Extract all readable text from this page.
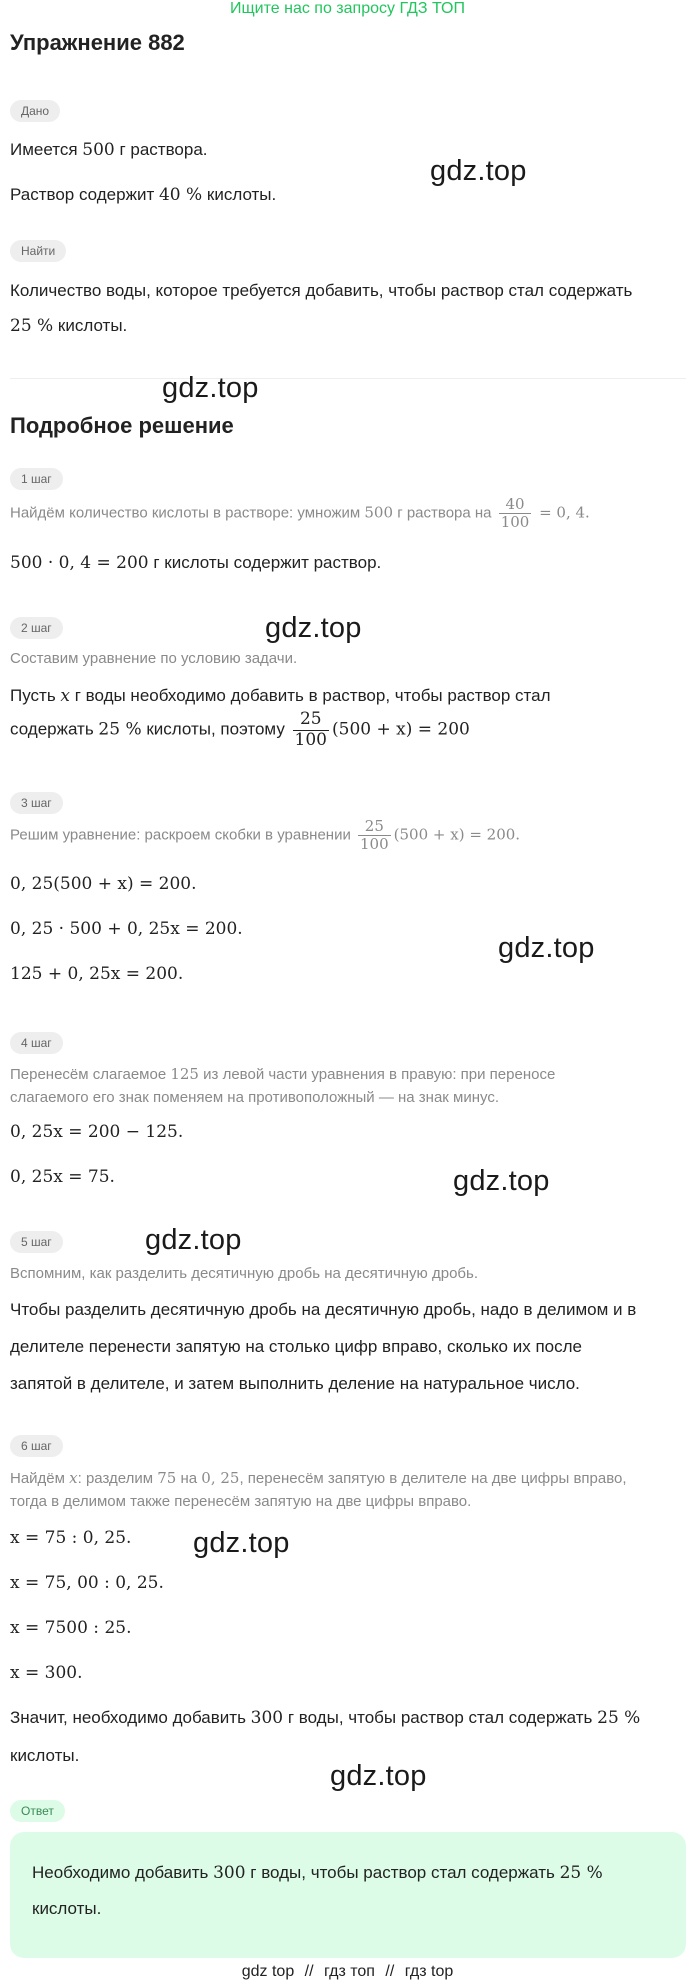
Ищите нас по запросу ГДЗ ТОП
Упражнение 882
Дано
Имеется 500 г раствора.
Раствор содержит 40 % кислоты.
gdz.top
Найти
Количество воды, которое требуется добавить, чтобы раствор стал содержать
25 % кислоты.
gdz.top
Подробное решение
1 шаг
Найдём количество кислоты в растворе: умножим 500 г раствора на $\frac{40}{100} = 0$, 4.
500 · 0, 4 = 200 г кислоты содержит раствор.
2 шаг	gdz.top
Составим уравнение по условию задачи.
Пусть x г воды необходимо добавить в раствор, чтобы раствор стал
содержать 25 % кислоты, поэтому $\frac{25}{100} (500 + x) = 200$
3 шаг
Решим уравнение: раскроем скобки в уравнении $\frac{25}{100} (500 + x) = 200$.
0, 25(500 + x) = 200.
0, 25 · 500 + 0, 25x = 200.
125 + 0, 25x = 200.
gdz.top
4 шаг
Перенесём слагаемое 125 из левой части уравнения в правую: при переносе
слагаемого его знак поменяем на противоположный — на знак минус.
0, 25x = 200 − 125.
0, 25x = 75.	gdz.top
5 шаг	gdz.top
Вспомним, как разделить десятичную дробь на десятичную дробь.
Чтобы разделить десятичную дробь на десятичную дробь, надо в делимом и в
делителе перенести запятую на столько цифр вправо, сколько их после
запятой в делителе, и затем выполнить деление на натуральное число.
6 шаг
Найдём x: разделим 75 на 0, 25, перенесём запятую в делителе на две цифры вправо,
тогда в делимом также перенесём запятую на две цифры вправо.
x = 75 : 0, 25. gdz.top
x = 75, 00 : 0, 25.
x = 7500 : 25.
x = 300.
Значит, необходимо добавить 300 г воды, чтобы раствор стал содержать 25 %
кислоты.
gdz.top
Ответ
Необходимо добавить 300 г воды, чтобы раствор стал содержать 25 %
кислоты.
gdz top // гдз топ // гдз top
